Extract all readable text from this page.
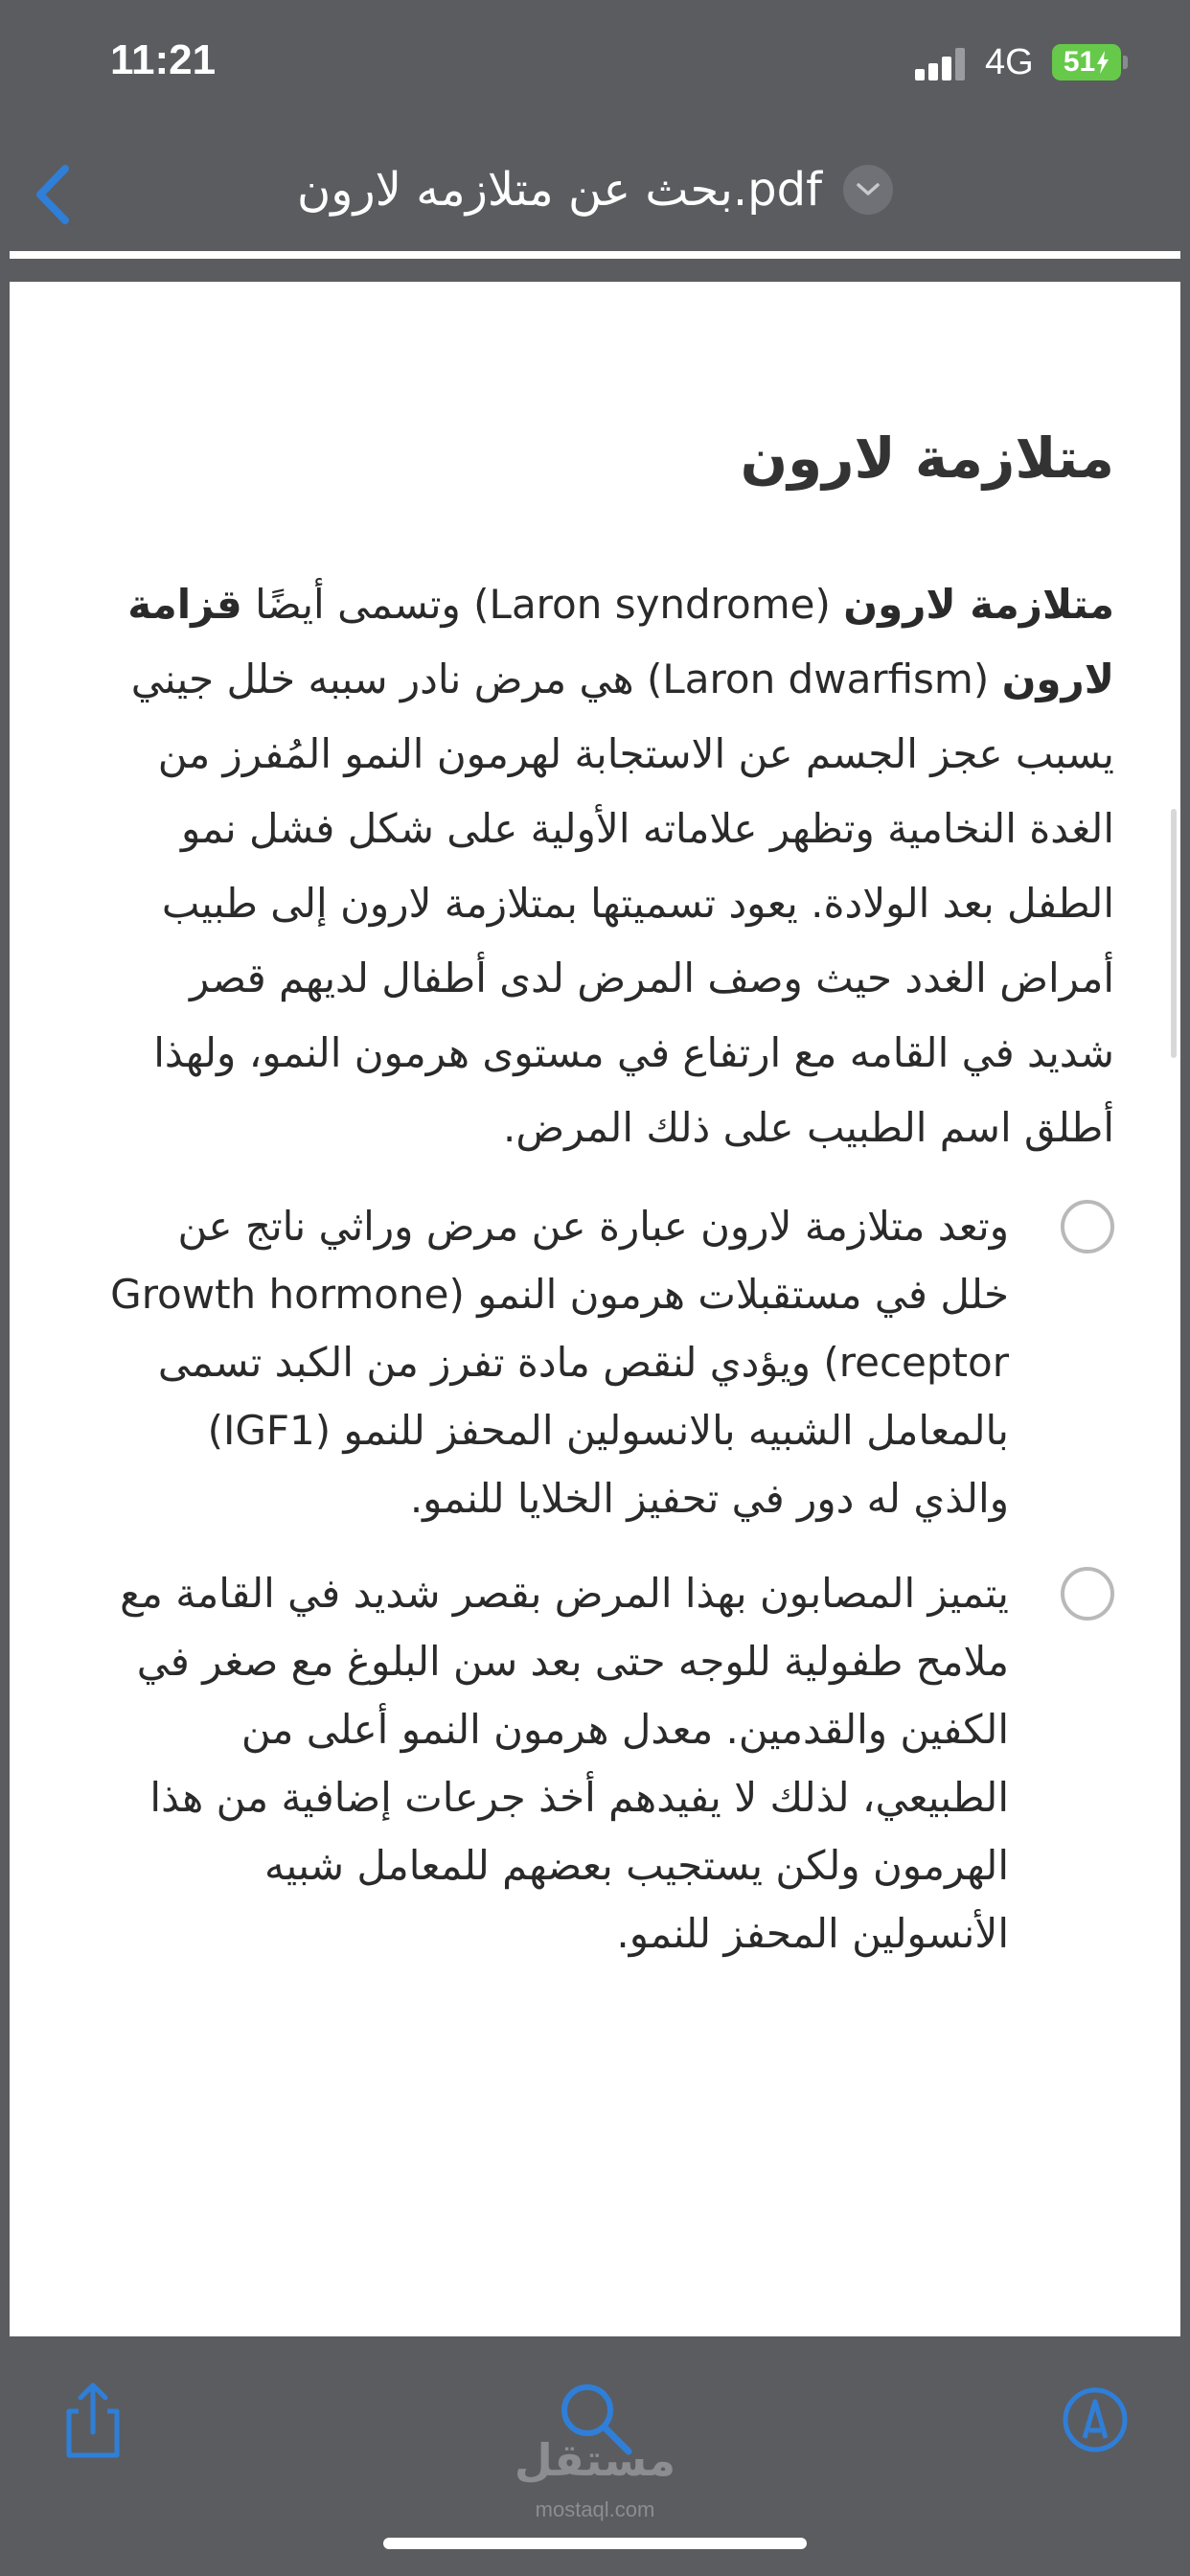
11:21	4G 51
بحث عن متلازمه لارون.pdf
متلازمة لارون

متلازمة لارون (Laron syndrome) وتسمى أيضًا قزامة لارون (Laron dwarfism) هي مرض نادر سببه خلل جيني يسبب عجز الجسم عن الاستجابة لهرمون النمو المُفرز من الغدة النخامية وتظهر علاماته الأولية على شكل فشل نمو الطفل بعد الولادة. يعود تسميتها بمتلازمة لارون إلى طبيب أمراض الغدد حيث وصف المرض لدى أطفال لديهم قصر شديد في القامه مع ارتفاع في مستوى هرمون النمو، ولهذا أطلق اسم الطبيب على ذلك المرض.

وتعد متلازمة لارون عبارة عن مرض وراثي ناتج عن خلل في مستقبلات هرمون النمو (Growth hormone receptor) ويؤدي لنقص مادة تفرز من الكبد تسمى بالمعامل الشبيه بالانسولين المحفز للنمو (IGF1) والذي له دور في تحفيز الخلايا للنمو.
يتميز المصابون بهذا المرض بقصر شديد في القامة مع ملامح طفولية للوجه حتى بعد سن البلوغ مع صغر في الكفين والقدمين. معدل هرمون النمو أعلى من الطبيعي، لذلك لا يفيدهم أخذ جرعات إضافية من هذا الهرمون ولكن يستجيب بعضهم للمعامل شبيه الأنسولين المحفز للنمو.
مستقل
mostaql.com
